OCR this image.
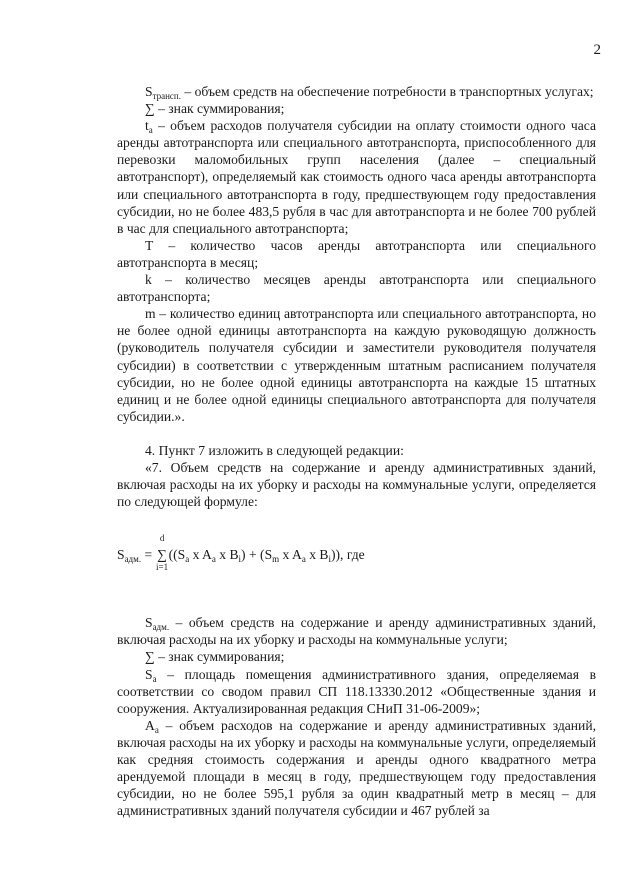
2

$S_{трансп.}$ – объем средств на обеспечение потребности в транспортных услугах;

∑ – знак суммирования;

$t_a$ – объем расходов получателя субсидии на оплату стоимости одного часа аренды автотранспорта или специального автотранспорта, приспособленного для перевозки маломобильных групп населения (далее – специальный автотранспорт), определяемый как стоимость одного часа аренды автотранспорта или специального автотранспорта в году, предшествующем году предоставления субсидии, но не более 483,5 рубля в час для автотранспорта и не более 700 рублей в час для специального автотранспорта;

T – количество часов аренды автотранспорта или специального автотранспорта в месяц;

k – количество месяцев аренды автотранспорта или специального автотранспорта;

m – количество единиц автотранспорта или специального автотранспорта, но не более одной единицы автотранспорта на каждую руководящую должность (руководитель получателя субсидии и заместители руководителя получателя субсидии) в соответствии с утвержденным штатным расписанием получателя субсидии, но не более одной единицы автотранспорта на каждые 15 штатных единиц и не более одной единицы специального автотранспорта для получателя субсидии.».

4. Пункт 7 изложить в следующей редакции:

«7. Объем средств на содержание и аренду административных зданий, включая расходы на их уборку и расходы на коммунальные услуги, определяется по следующей формуле:

$S_{адм.}$ =
d
∑
i=1
(($S_a$ x $A_a$ x $B_i) + (S_m$ x $A_a$ x $B_i$)), где

$S_{адм.}$ – объем средств на содержание и аренду административных зданий, включая расходы на их уборку и расходы на коммунальные услуги;

∑ – знак суммирования;

$S_a$ – площадь помещения административного здания, определяемая в соответствии со сводом правил СП 118.13330.2012 «Общественные здания и сооружения. Актуализированная редакция СНиП 31-06-2009»;

$A_a$ – объем расходов на содержание и аренду административных зданий, включая расходы на их уборку и расходы на коммунальные услуги, определяемый как средняя стоимость содержания и аренды одного квадратного метра арендуемой площади в месяц в году, предшествующем году предоставления субсидии, но не более 595,1 рубля за один квадратный метр в месяц – для административных зданий получателя субсидии и 467 рублей за
